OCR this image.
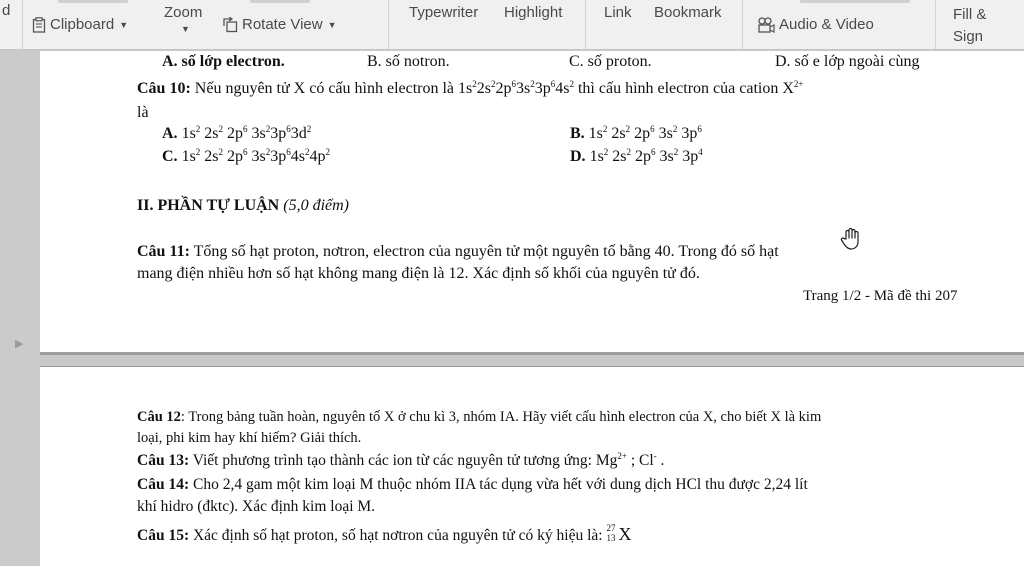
d
Clipboard ▼
Zoom
▼	Rotate View ▼
Typewriter Highlight	Link Bookmark
Audio & Video
Fill &
Sign
▶
A. số lớp electron.	B. số notron.	C. số proton.	D. số e lớp ngoài cùng
Câu 10: Nếu nguyên tử X có cấu hình electron là $1s^22s^22p^63s^23p^64s^2$ thì cấu hình electron của cation $X^{2+}$
là
A. $1s^2$ $2s^2$ $2p^6$ $3s^23p^63d^2$	B. $1s^2$ $2s^2$ $2p^6$ $3s^2$ $3p^6$
C. $1s^2$ $2s^2$ $2p^6$ $3s^23p^64s^24p^2$	D. $1s^2$ $2s^2$ $2p^6$ $3s^2$ $3p^4$
II. PHẦN TỰ LUẬN (5,0 điểm)
Câu 11: Tổng số hạt proton, nơtron, electron của nguyên tử một nguyên tố bằng 40. Trong đó số hạt
mang điện nhiều hơn số hạt không mang điện là 12. Xác định số khối của nguyên tử đó.
Trang 1/2 - Mã đề thi 207
Câu 12: Trong bảng tuần hoàn, nguyên tố X ở chu kì 3, nhóm IA. Hãy viết cấu hình electron của X, cho biết X là kim
loại, phi kim hay khí hiếm? Giải thích.
Câu 13: Viết phương trình tạo thành các ion từ các nguyên tử tương ứng: $Mg^{2+}$ ; Cl- .
Câu 14: Cho 2,4 gam một kim loại M thuộc nhóm IIA tác dụng vừa hết với dung dịch HCl thu được 2,24 lít
khí hidro (đktc). Xác định kim loại M.
Câu 15: Xác định số hạt proton, số hạt nơtron của nguyên tử có ký hiệu là: 27
13 X
